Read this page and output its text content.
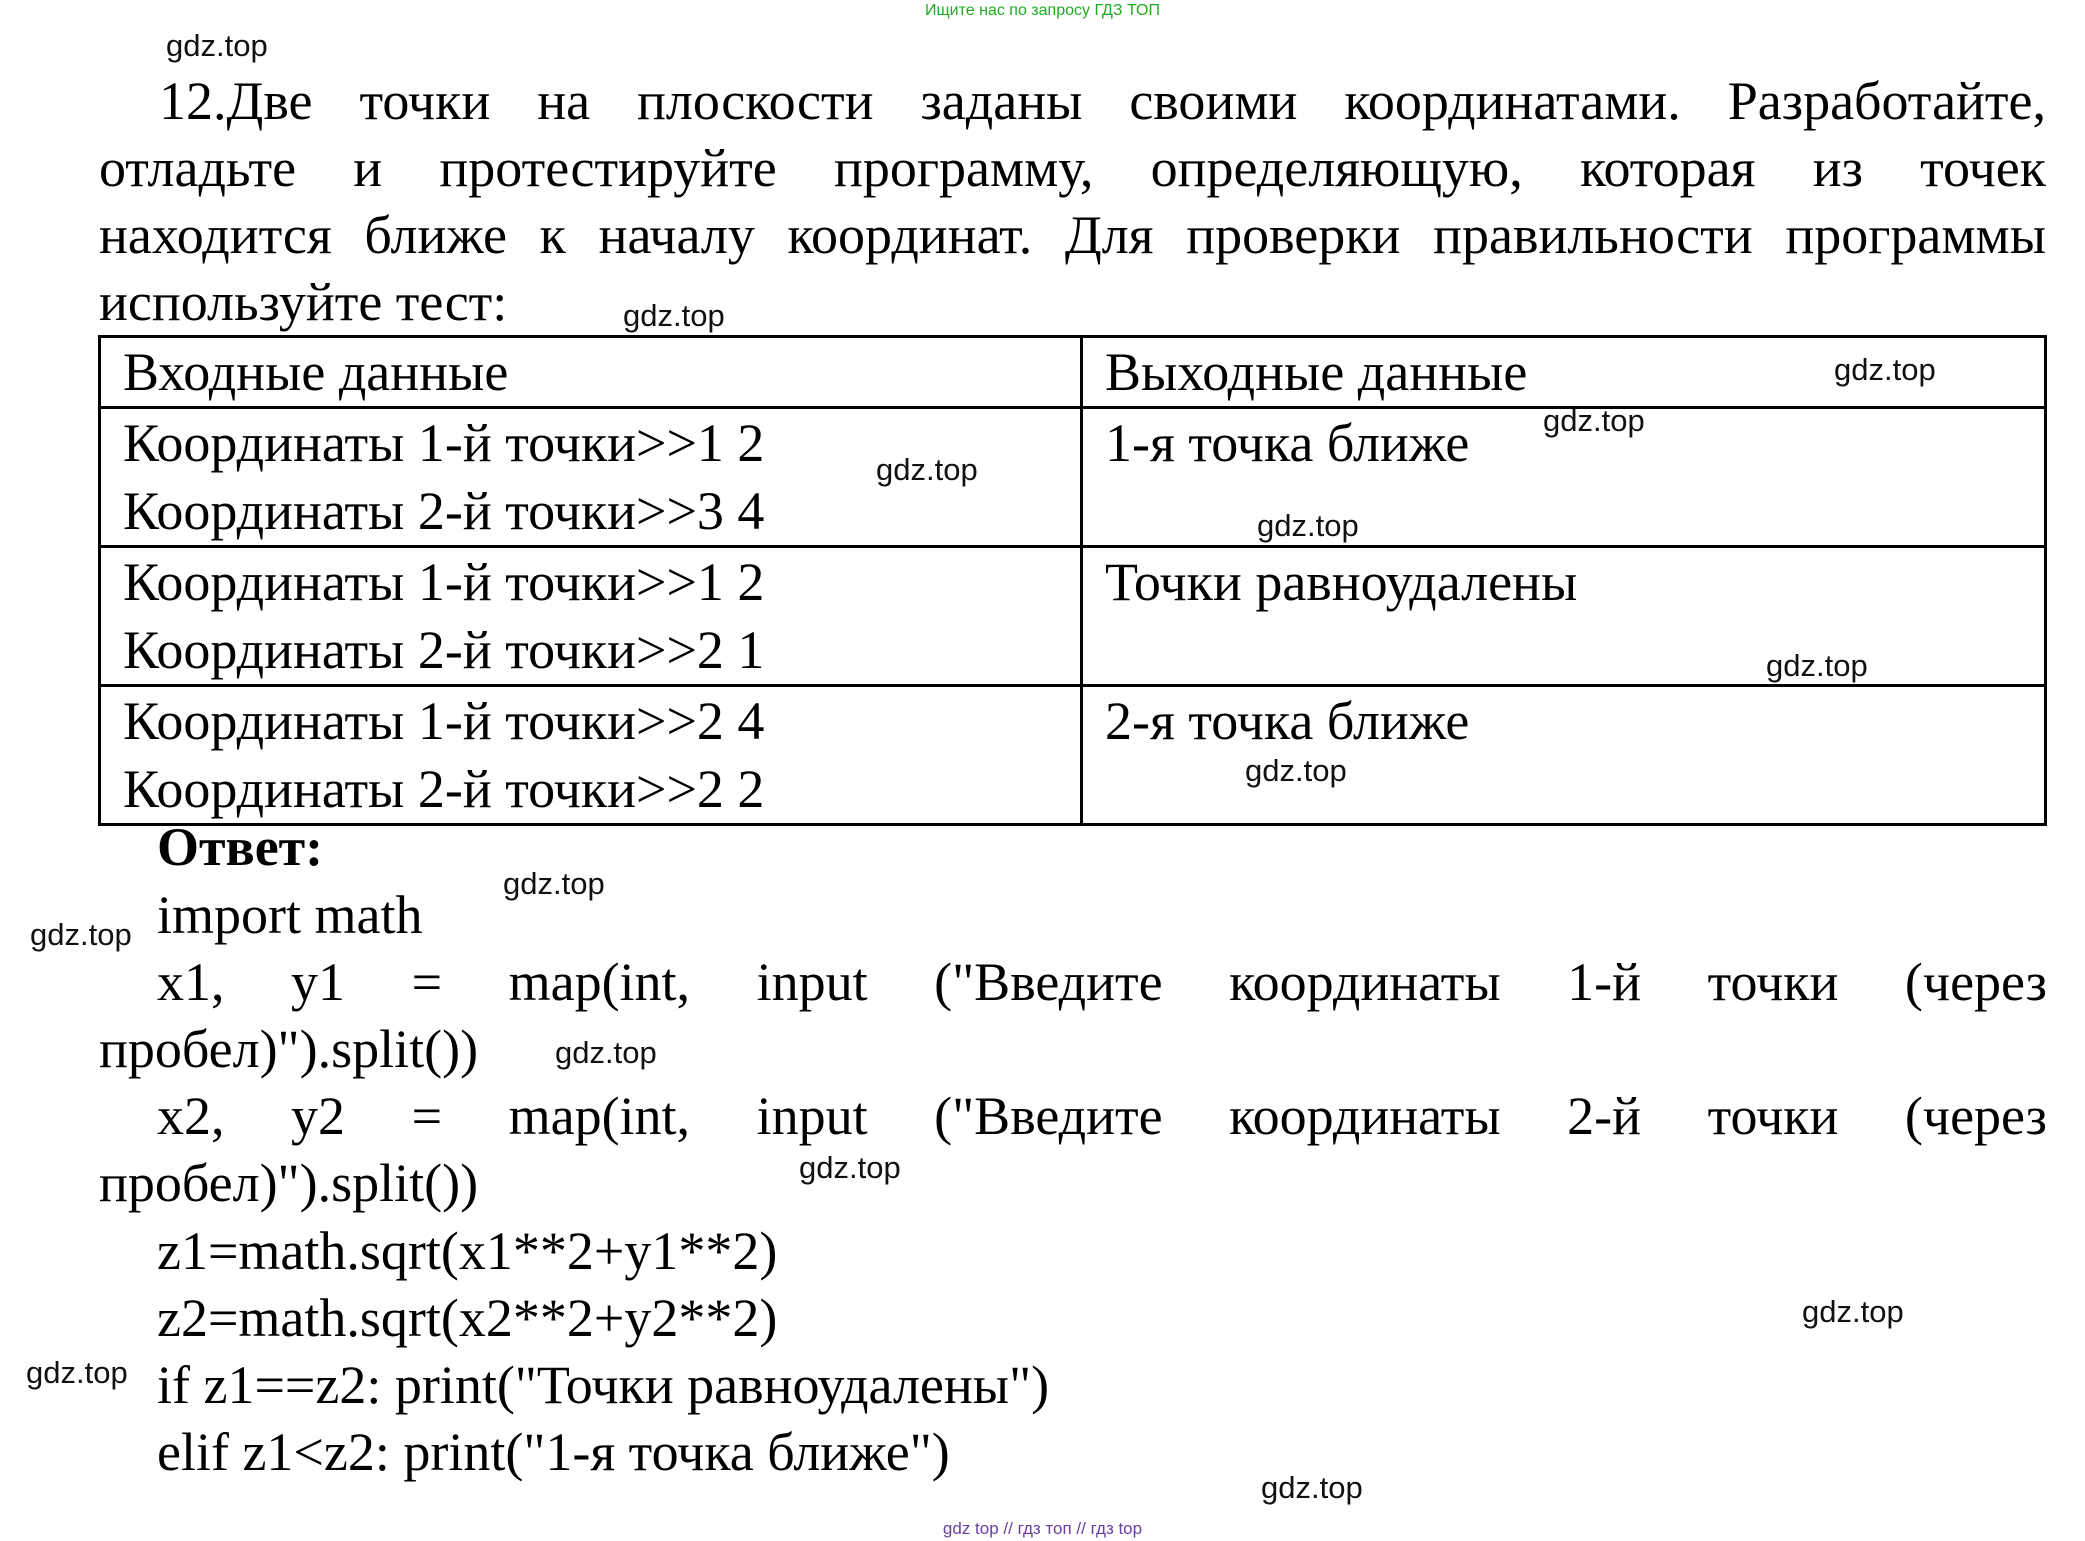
Ищите нас по запросу ГДЗ ТОП
gdz.top
gdz.top
gdz.top
gdz.top
gdz.top
gdz.top
gdz.top
gdz.top
gdz.top
gdz.top
gdz.top
gdz.top
gdz.top
gdz.top
gdz.top
12.Две точки на плоскости заданы своими координатами. Разработайте,
отладьте и протестируйте программу, определяющую, которая из точек
находится ближе к началу координат. Для проверки правильности программы
используйте тест:
Входные данные	Выходные данные

Координаты 1-й точки>>1 2
Координаты 2-й точки>>3 4	1-я точка ближе

Координаты 1-й точки>>1 2
Координаты 2-й точки>>2 1	Точки равноудалены

Координаты 1-й точки>>2 4
Координаты 2-й точки>>2 2	2-я точка ближе
Ответ:
import math
x1, y1 = map(int, input ("Введите координаты 1-й точки (через
пробел)").split())
x2, y2 = map(int, input ("Введите координаты 2-й точки (через
пробел)").split())
z1=math.sqrt(x1**2+y1**2)
z2=math.sqrt(x2**2+y2**2)
if z1==z2: print("Точки равноудалены")
elif z1<z2: print("1-я точка ближе")
gdz top // гдз топ // гдз top
